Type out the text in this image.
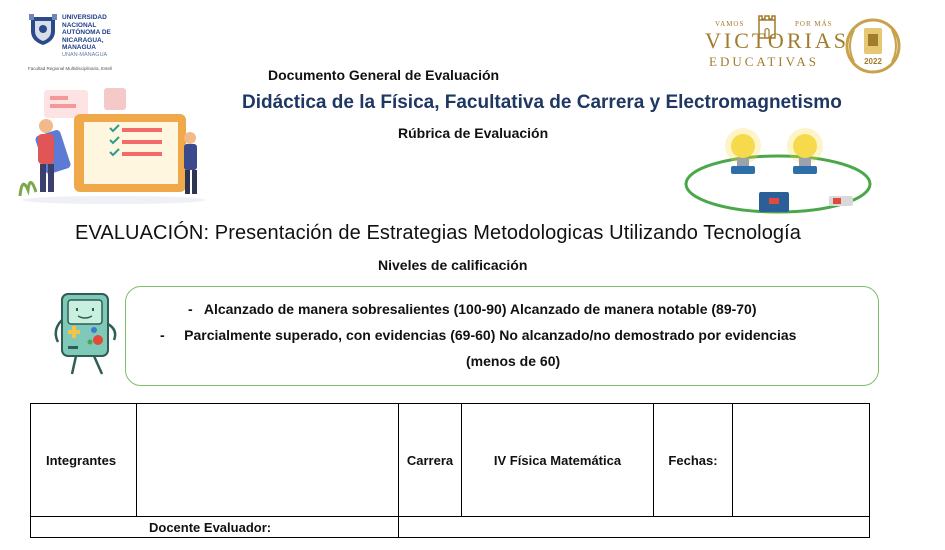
UNIVERSIDAD
NACIONAL
AUTÓNOMA DE
NICARAGUA,
MANAGUA
UNAN-MANAGUA
Facultad Regional Multidisciplinaria, Estelí
VAMOS	POR MÁS
VICTORIAS
EDUCATIVAS	2022
Documento General de Evaluación
Didáctica de la Física, Facultativa de Carrera y Electromagnetismo
Rúbrica de Evaluación
EVALUACIÓN: Presentación de Estrategias Metodologicas Utilizando Tecnología
Niveles de calificación
- Alcanzado de manera sobresalientes (100-90) Alcanzado de manera notable (89-70)
- Parcialmente superado, con evidencias (69-60) No alcanzado/no demostrado por evidencias
(menos de 60)
Integrantes		Carrera	IV Física Matemática	Fechas:	
Docente Evaluador:					
